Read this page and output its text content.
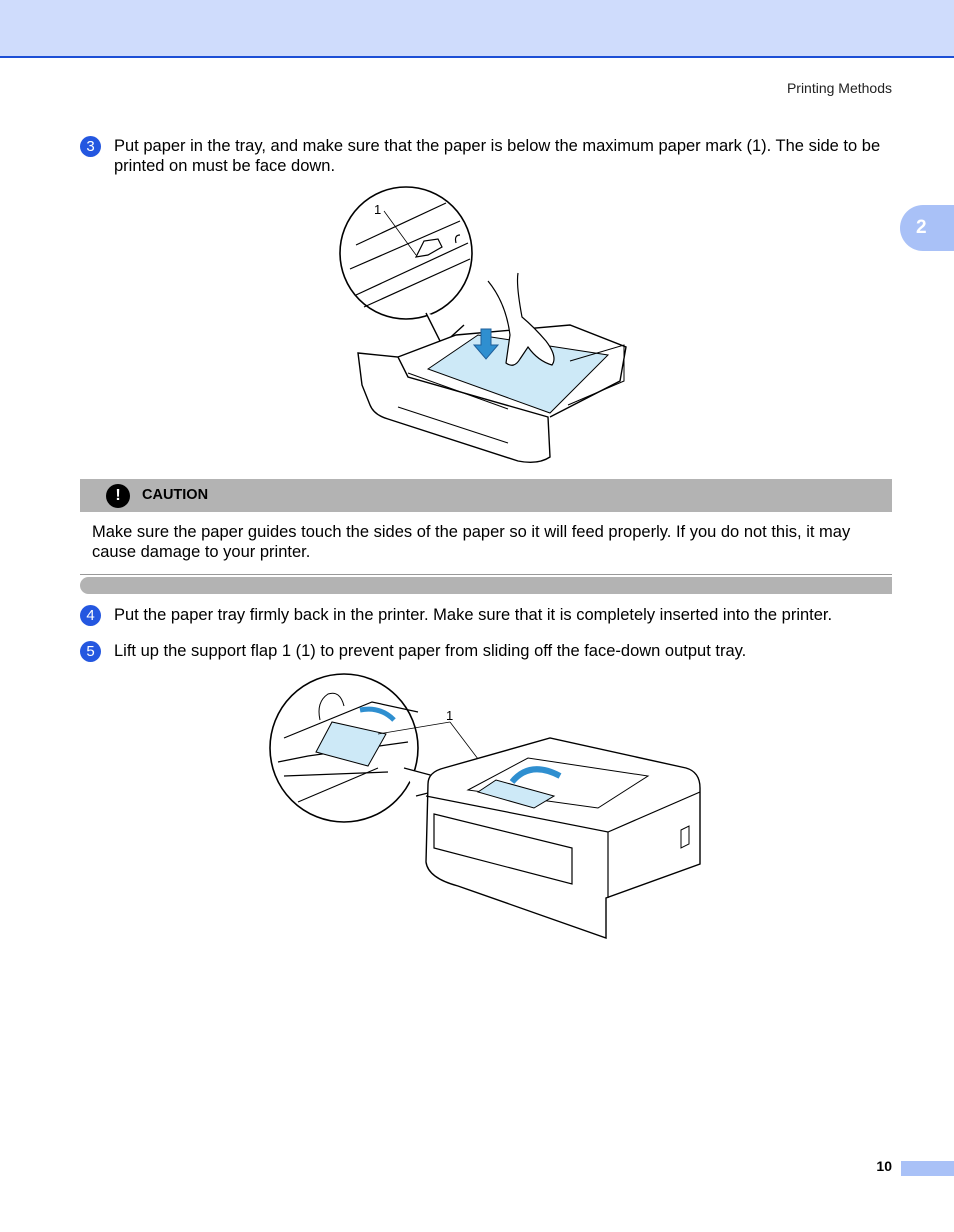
Printing Methods
2
3	Put paper in the tray, and make sure that the paper is below the maximum paper mark (1). The side to be printed on must be face down.
1
!	CAUTION
Make sure the paper guides touch the sides of the paper so it will feed properly. If you do not this, it may cause damage to your printer.
4	Put the paper tray firmly back in the printer. Make sure that it is completely inserted into the printer.
5	Lift up the support flap 1 (1) to prevent paper from sliding off the face-down output tray.
1
10
